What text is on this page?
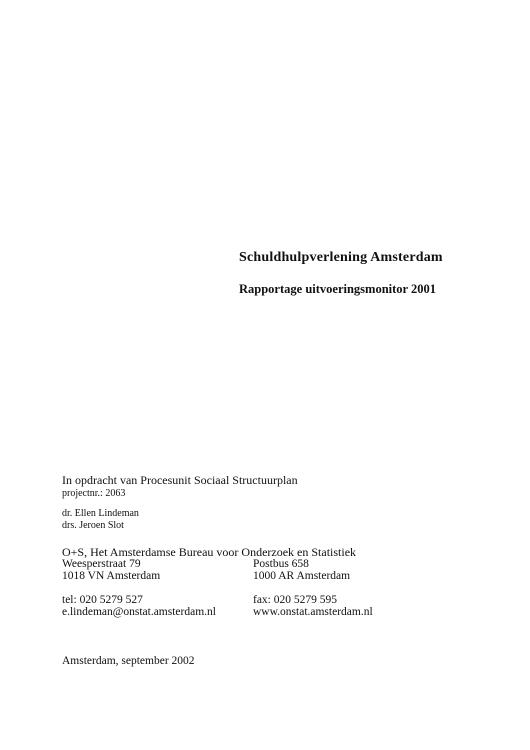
Schuldhulpverlening Amsterdam
Rapportage uitvoeringsmonitor 2001
In opdracht van Procesunit Sociaal Structuurplan
projectnr.: 2063
dr. Ellen Lindeman
drs. Jeroen Slot
O+S, Het Amsterdamse Bureau voor Onderzoek en Statistiek
Weesperstraat 79	Postbus 658
1018 VN Amsterdam	1000 AR Amsterdam
tel: 020 5279 527	fax: 020 5279 595
e.lindeman@onstat.amsterdam.nl	www.onstat.amsterdam.nl
Amsterdam, september 2002
